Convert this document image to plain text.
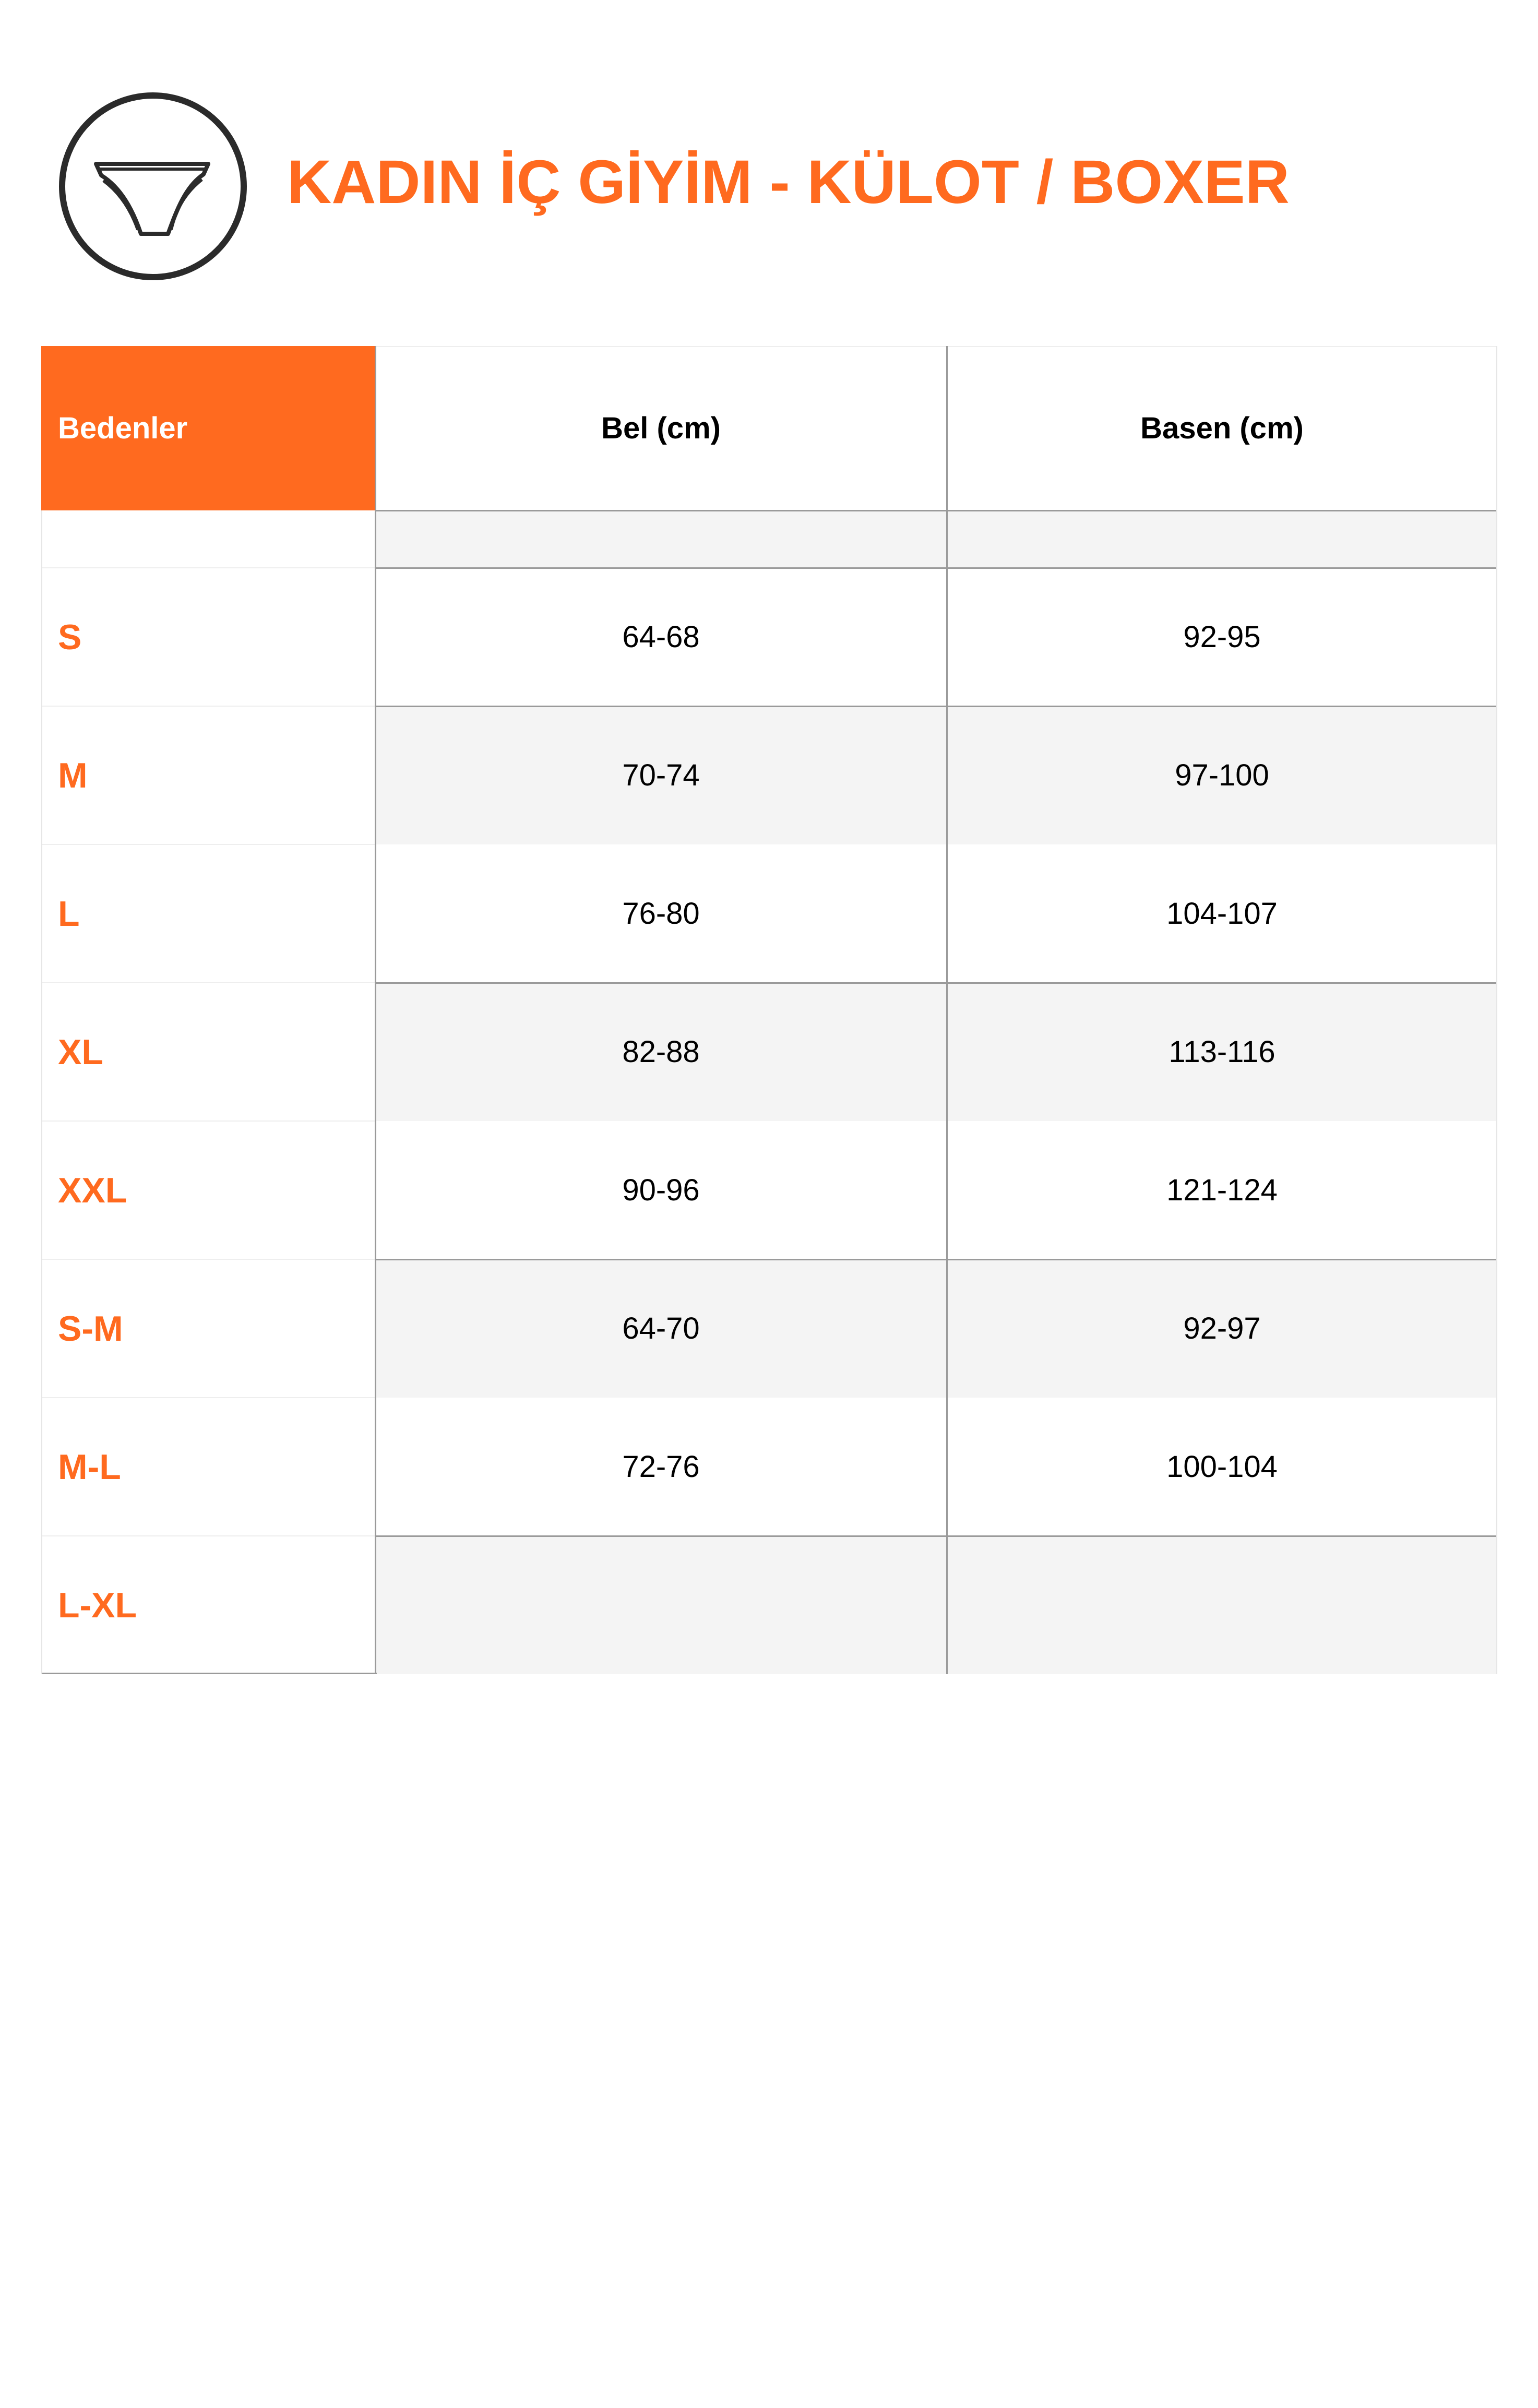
KADIN İÇ GİYİM - KÜLOT / BOXER
Bedenler	Bel (cm)	Basen (cm)
S	64-68	92-95
M	70-74	97-100
L	76-80	104-107
XL	82-88	113-116
XXL	90-96	121-124
S-M	64-70	92-97
M-L	72-76	100-104
L-XL
